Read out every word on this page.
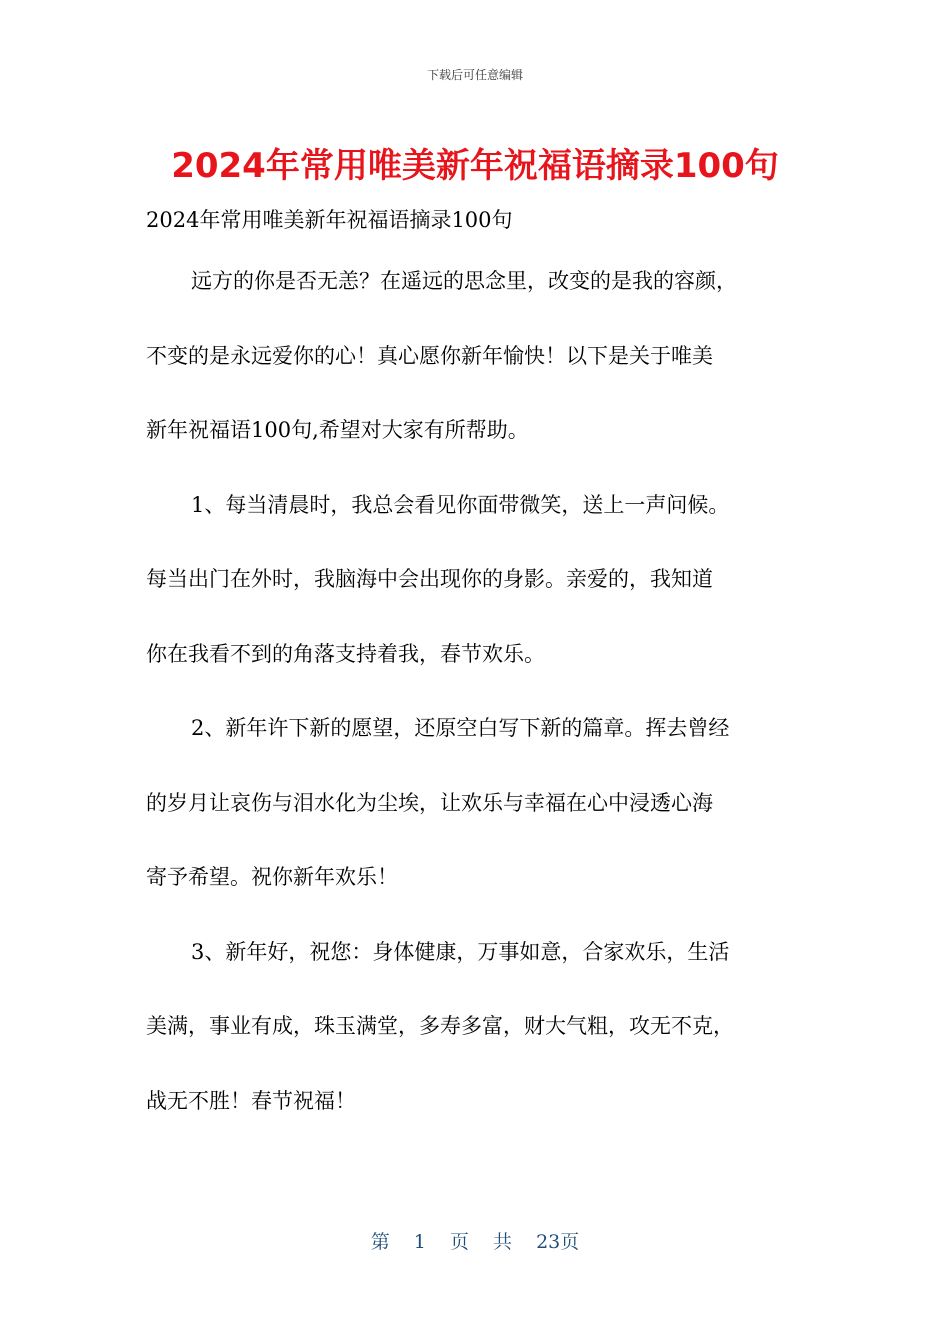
下载后可任意编辑
2024年常用唯美新年祝福语摘录100句

2024年常用唯美新年祝福语摘录100句

远方的你是否无恙？在遥远的思念里，改变的是我的容颜，

不变的是永远爱你的心！真心愿你新年愉快！以下是关于唯美

新年祝福语100句,希望对大家有所帮助。

1、每当清晨时，我总会看见你面带微笑，送上一声问候。

每当出门在外时，我脑海中会出现你的身影。亲爱的，我知道

你在我看不到的角落支持着我，春节欢乐。

2、新年许下新的愿望，还原空白写下新的篇章。挥去曾经

的岁月让哀伤与泪水化为尘埃，让欢乐与幸福在心中浸透心海

寄予希望。祝你新年欢乐！

3、新年好，祝您：身体健康，万事如意，合家欢乐，生活

美满，事业有成，珠玉满堂，多寿多富，财大气粗，攻无不克，

战无不胜！春节祝福！

第 1 页 共 23页
